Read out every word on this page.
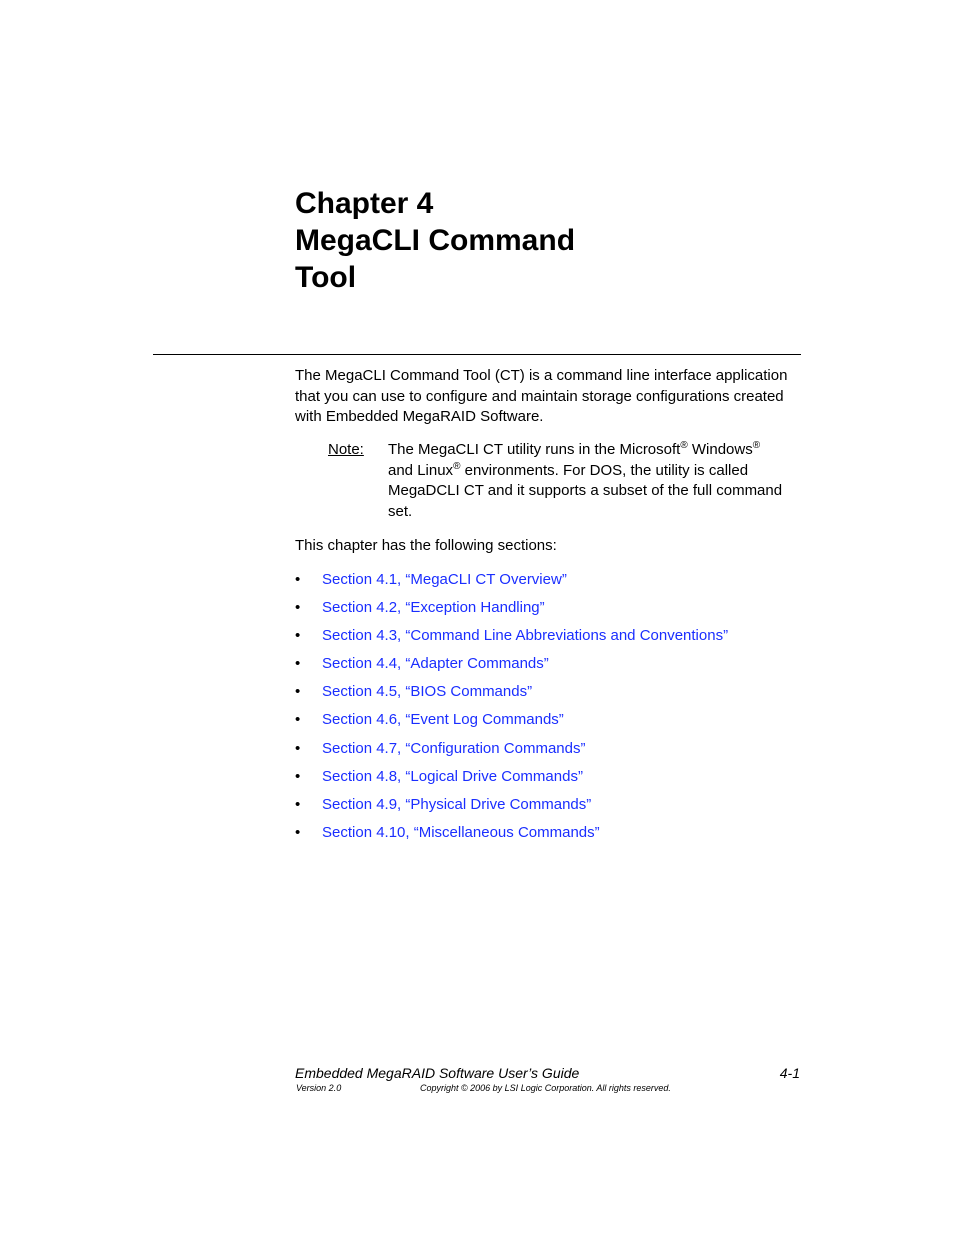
Chapter 4
MegaCLI Command
Tool

The MegaCLI Command Tool (CT) is a command line interface application that you can use to configure and maintain storage configurations created with Embedded MegaRAID Software.

Note: The MegaCLI CT utility runs in the Microsoft® Windows®
and Linux® environments. For DOS, the utility is called MegaDCLI CT and it supports a subset of the full command set.

This chapter has the following sections:

• Section 4.1, “MegaCLI CT Overview”
• Section 4.2, “Exception Handling”
• Section 4.3, “Command Line Abbreviations and Conventions”
• Section 4.4, “Adapter Commands”
• Section 4.5, “BIOS Commands”
• Section 4.6, “Event Log Commands”
• Section 4.7, “Configuration Commands”
• Section 4.8, “Logical Drive Commands”
• Section 4.9, “Physical Drive Commands”
• Section 4.10, “Miscellaneous Commands”
Embedded MegaRAID Software User’s Guide	4-1
Version 2.0	Copyright © 2006 by LSI Logic Corporation. All rights reserved.
